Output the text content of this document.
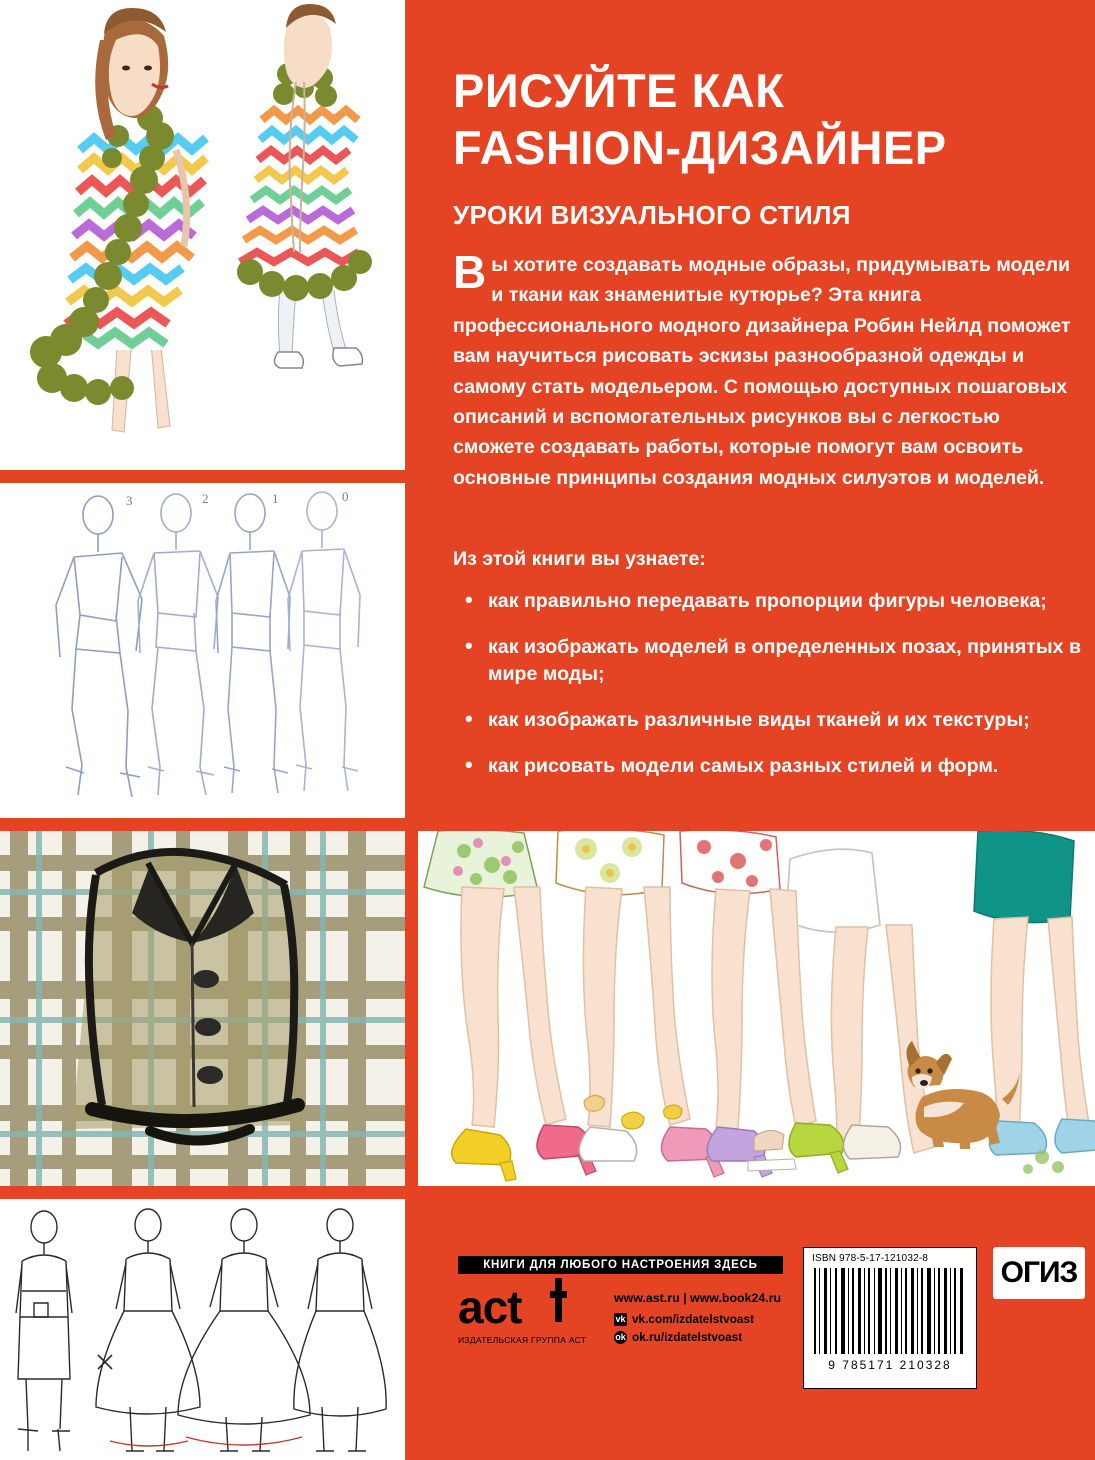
3	2	1	0
РИСУЙТЕ КАК
FASHION-ДИЗАЙНЕР
УРОКИ ВИЗУАЛЬНОГО СТИЛЯ
Вы хотите создавать модные образы, придумывать модели и ткани как знаменитые кутюрье? Эта книга профессионального модного дизайнера Робин Нейлд поможет вам научиться рисовать эскизы разнообразной одежды и самому стать модельером. С помощью доступных пошаговых описаний и вспомогательных рисунков вы с легкостью сможете создавать работы, которые помогут вам освоить основные принципы создания модных силуэтов и моделей.
Из этой книги вы узнаете:
• как правильно передавать пропорции фигуры человека;
• как изображать моделей в определенных позах, принятых в мире моды;
• как изображать различные виды тканей и их текстуры;
• как рисовать модели самых разных стилей и форм.
КНИГИ ДЛЯ ЛЮБОГО НАСТРОЕНИЯ ЗДЕСЬ
act
ИЗДАТЕЛЬСКАЯ ГРУППА АСТ
www.ast.ru | www.book24.ru
vk vk.com/izdatelstvoast
ok ok.ru/izdatelstvoast
ISBN 978-5-17-121032-8
9 785171 210328
ОГИЗ
